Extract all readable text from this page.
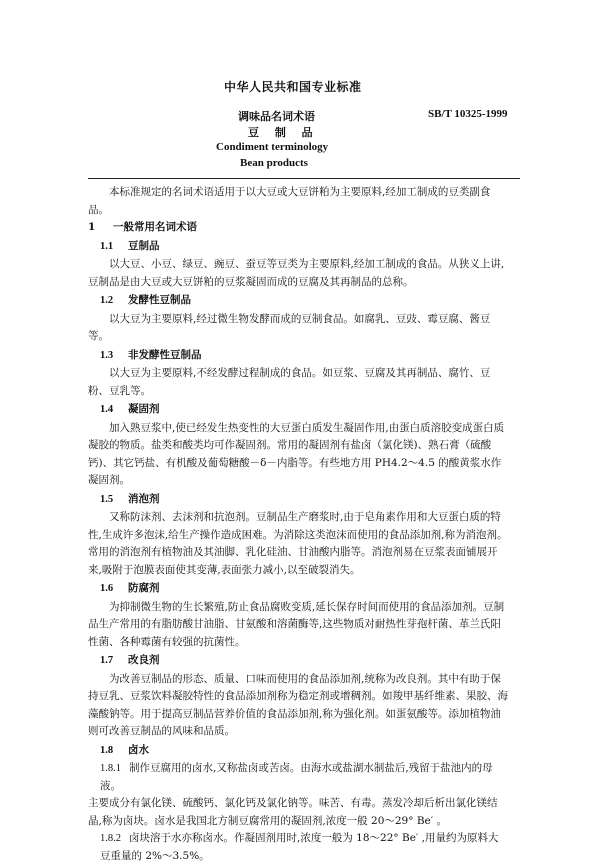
中华人民共和国专业标准
调味品名词术语	SB/T 10325-1999
豆 制 品
Condiment terminology
Bean products

本标准规定的名词术语适用于以大豆或大豆饼粕为主要原料,经加工制成的豆类副食品。

1 一般常用名词术语

1.1 豆制品

以大豆、小豆、绿豆、豌豆、蚕豆等豆类为主要原料,经加工制成的食品。从狭义上讲,豆制品是由大豆或大豆饼粕的豆浆凝固而成的豆腐及其再制品的总称。

1.2 发酵性豆制品

以大豆为主要原料,经过微生物发酵而成的豆制食品。如腐乳、豆豉、霉豆腐、酱豆等。

1.3 非发酵性豆制品

以大豆为主要原料,不经发酵过程制成的食品。如豆浆、豆腐及其再制品、腐竹、豆粉、豆乳等。

1.4 凝固剂

加入熟豆浆中,使已经发生热变性的大豆蛋白质发生凝固作用,由蛋白质溶胶变成蛋白质凝胶的物质。盐类和酸类均可作凝固剂。常用的凝固剂有盐卤（氯化镁)、熟石膏（硫酸钙)、其它钙盐、有机酸及葡萄糖酸－δ－内脂等。有些地方用 PH4.2～4.5 的酸黄浆水作凝固剂。

1.5 消泡剂

又称防沫剂、去沫剂和抗泡剂。豆制品生产磨浆时,由于皂角素作用和大豆蛋白质的特性,生成许多泡沫,给生产操作造成困难。为消除这类泡沫而使用的食品添加剂,称为消泡剂。常用的消泡剂有植物油及其油脚、乳化硅油、甘油酸内脂等。消泡剂易在豆浆表面铺展开来,吸附于泡膜表面使其变薄,表面张力减小,以至破裂消失。

1.6 防腐剂

为抑制微生物的生长繁殖,防止食品腐败变质,延长保存时间而使用的食品添加剂。豆制品生产常用的有脂肪酸甘油脂、甘氨酸和溶菌酶等,这些物质对耐热性芽孢杆菌、革兰氏阳性菌、各种霉菌有较强的抗菌性。

1.7 改良剂

为改善豆制品的形态、质量、口味而使用的食品添加剂,统称为改良剂。其中有助于保持豆乳、豆浆饮料凝胶特性的食品添加剂称为稳定剂或增稠剂。如羧甲基纤维素、果胶、海藻酸钠等。用于提高豆制品营养价值的食品添加剂,称为强化剂。如蛋氨酸等。添加植物油则可改善豆制品的风味和品质。

1.8 卤水

1.8.1 制作豆腐用的卤水,又称盐卤或苦卤。由海水或盐湖水制盐后,残留于盐池内的母液。

主要成分有氯化镁、硫酸钙、氯化钙及氯化钠等。味苦、有毒。蒸发冷却后析出氯化镁结晶,称为卤块。卤水是我国北方制豆腐常用的凝固剂,浓度一般 20～29° Be′ 。

1.8.2 卤块溶于水亦称卤水。作凝固剂用时,浓度一般为 18～22° Be′ ,用量约为原料大豆重量的 2%～3.5%。
